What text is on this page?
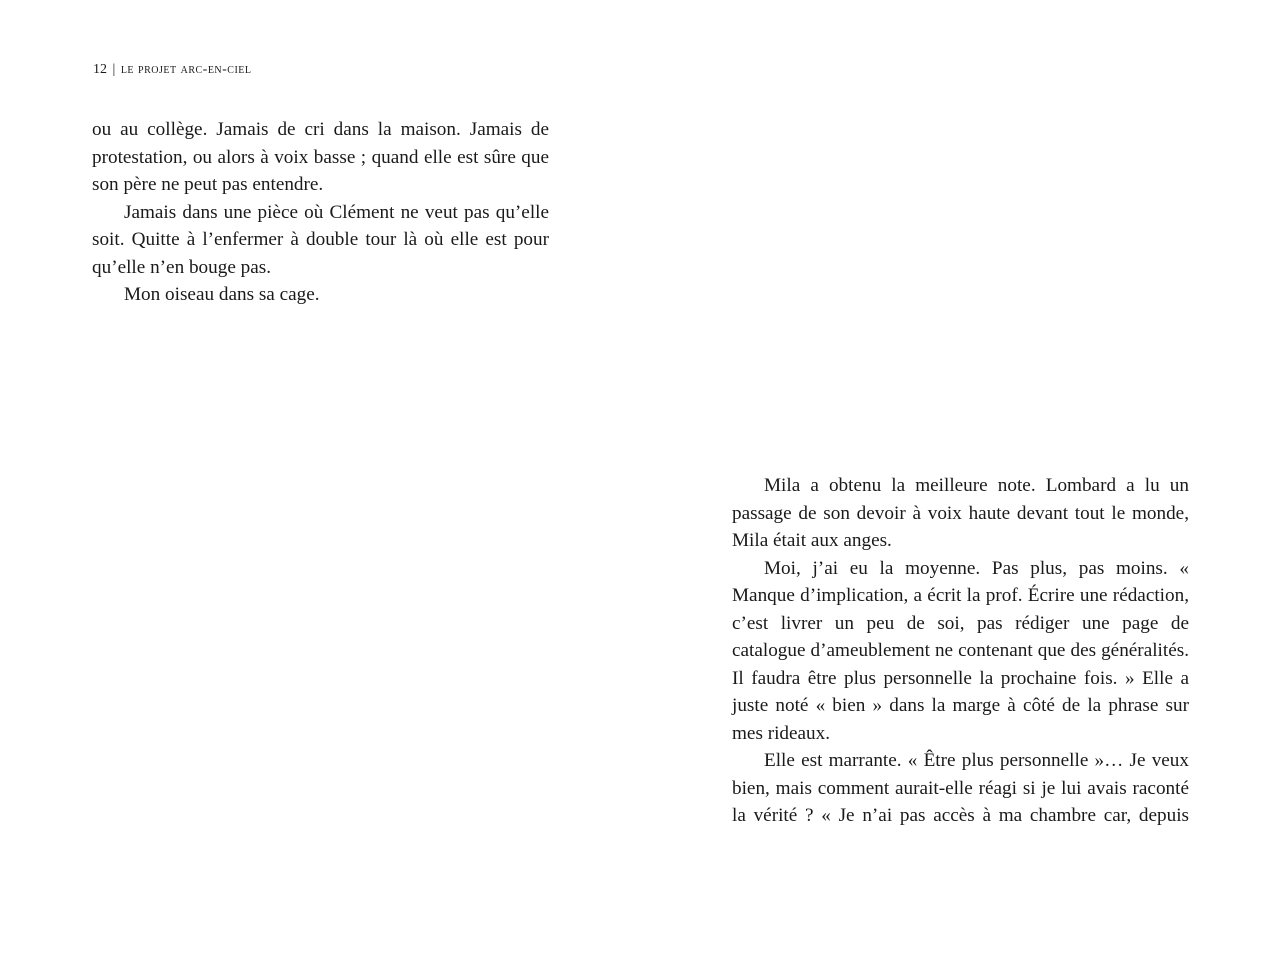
12 | le projet arc-en-ciel

ou au collège. Jamais de cri dans la maison. Jamais de protestation, ou alors à voix basse ; quand elle est sûre que son père ne peut pas entendre.

Jamais dans une pièce où Clément ne veut pas qu’elle soit. Quitte à l’enfermer à double tour là où elle est pour qu’elle n’en bouge pas.

Mon oiseau dans sa cage.

Mila a obtenu la meilleure note. Lombard a lu un passage de son devoir à voix haute devant tout le monde, Mila était aux anges.

Moi, j’ai eu la moyenne. Pas plus, pas moins. « Manque d’implication, a écrit la prof. Écrire une rédaction, c’est livrer un peu de soi, pas rédiger une page de catalogue d’ameublement ne contenant que des généralités. Il faudra être plus personnelle la prochaine fois. » Elle a juste noté « bien » dans la marge à côté de la phrase sur mes rideaux.

Elle est marrante. « Être plus personnelle »… Je veux bien, mais comment aurait-elle réagi si je lui avais raconté la vérité ? « Je n’ai pas accès à ma chambre car, depuis
